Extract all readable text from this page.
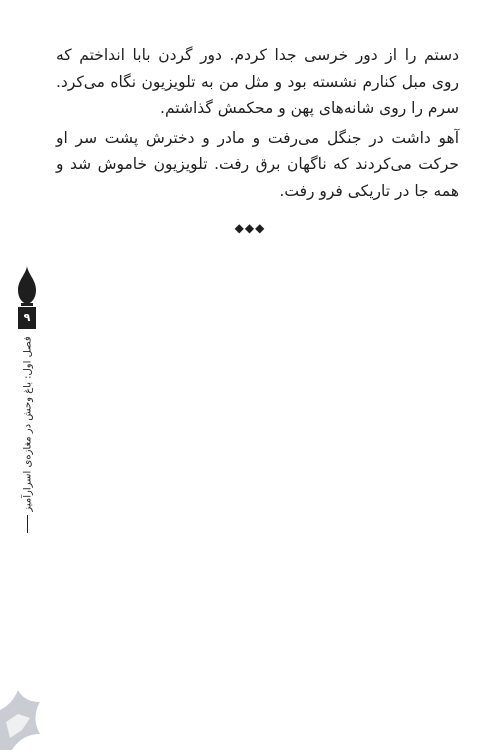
دستم را از دور خرسی جدا کردم. دور گردن بابا انداختم که روی مبل کنارم نشسته بود و مثل من به تلویزیون نگاه می‌کرد. سرم را روی شانه‌های پهن و محکمش گذاشتم.

آهو داشت در جنگل می‌رفت و مادر و دخترش پشت سر او حرکت می‌کردند که ناگهان برق رفت. تلویزیون خاموش شد و همه جا در تاریکی فرو رفت.

◆◆◆
۹
فصل اول: باغ وحش در مغازه‌ی اسرارآمیز
